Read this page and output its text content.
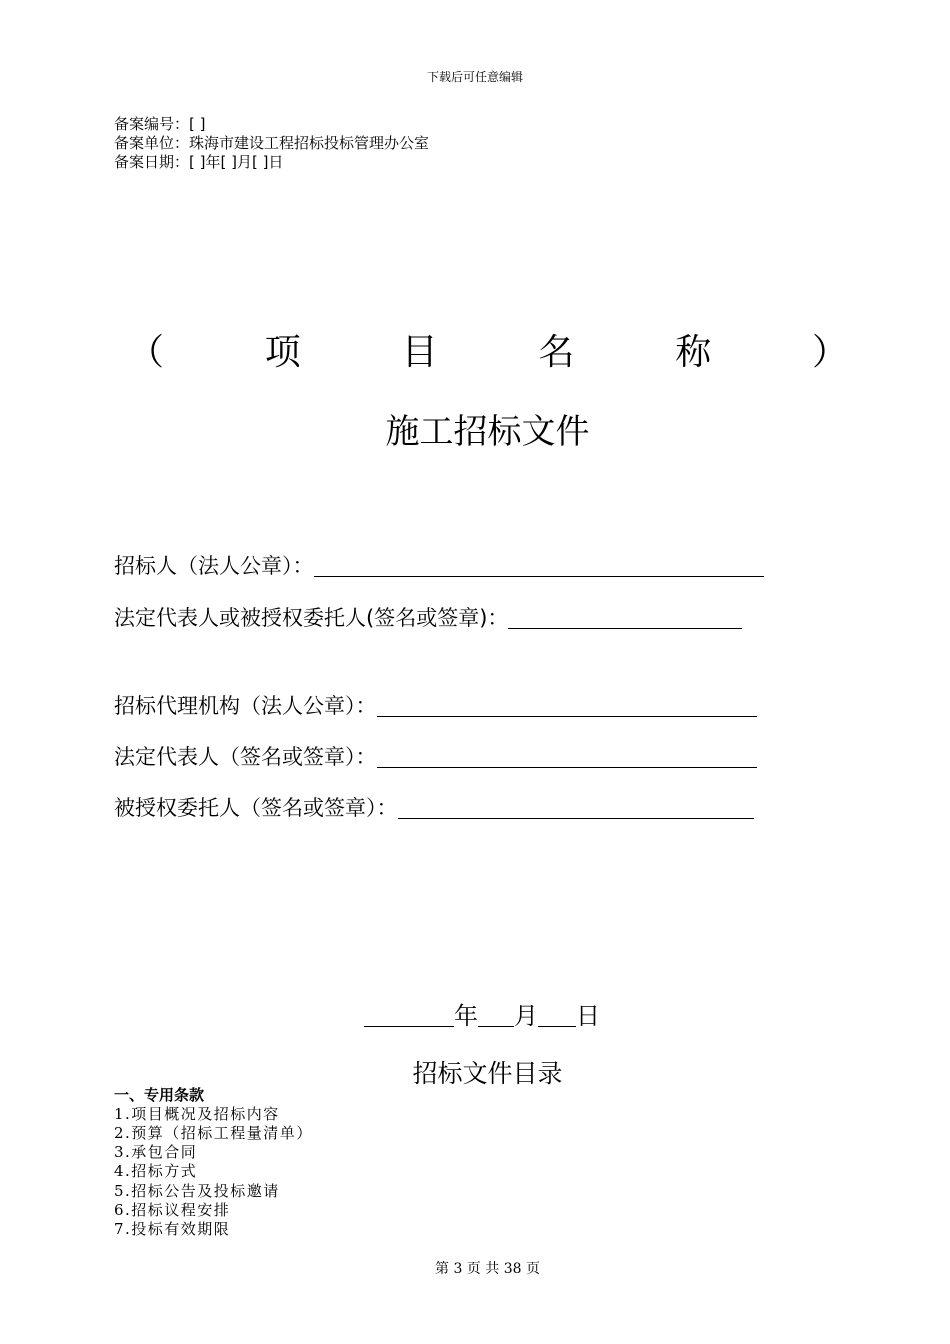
下载后可任意编辑
备案编号：[ ]
备案单位：珠海市建设工程招标投标管理办公室
备案日期：[ ]年[ ]月[ ]日
（	项	目	名	称	）
施工招标文件
招标人（法人公章）：
法定代表人或被授权委托人(签名或签章)：
招标代理机构（法人公章）：
法定代表人（签名或签章）：
被授权委托人（签名或签章）：
年 月 日
招标文件目录
一、专用条款
1.项目概况及招标内容
2.预算（招标工程量清单）
3.承包合同
4.招标方式
5.招标公告及投标邀请
6.招标议程安排
7.投标有效期限
第 3 页 共 38 页
